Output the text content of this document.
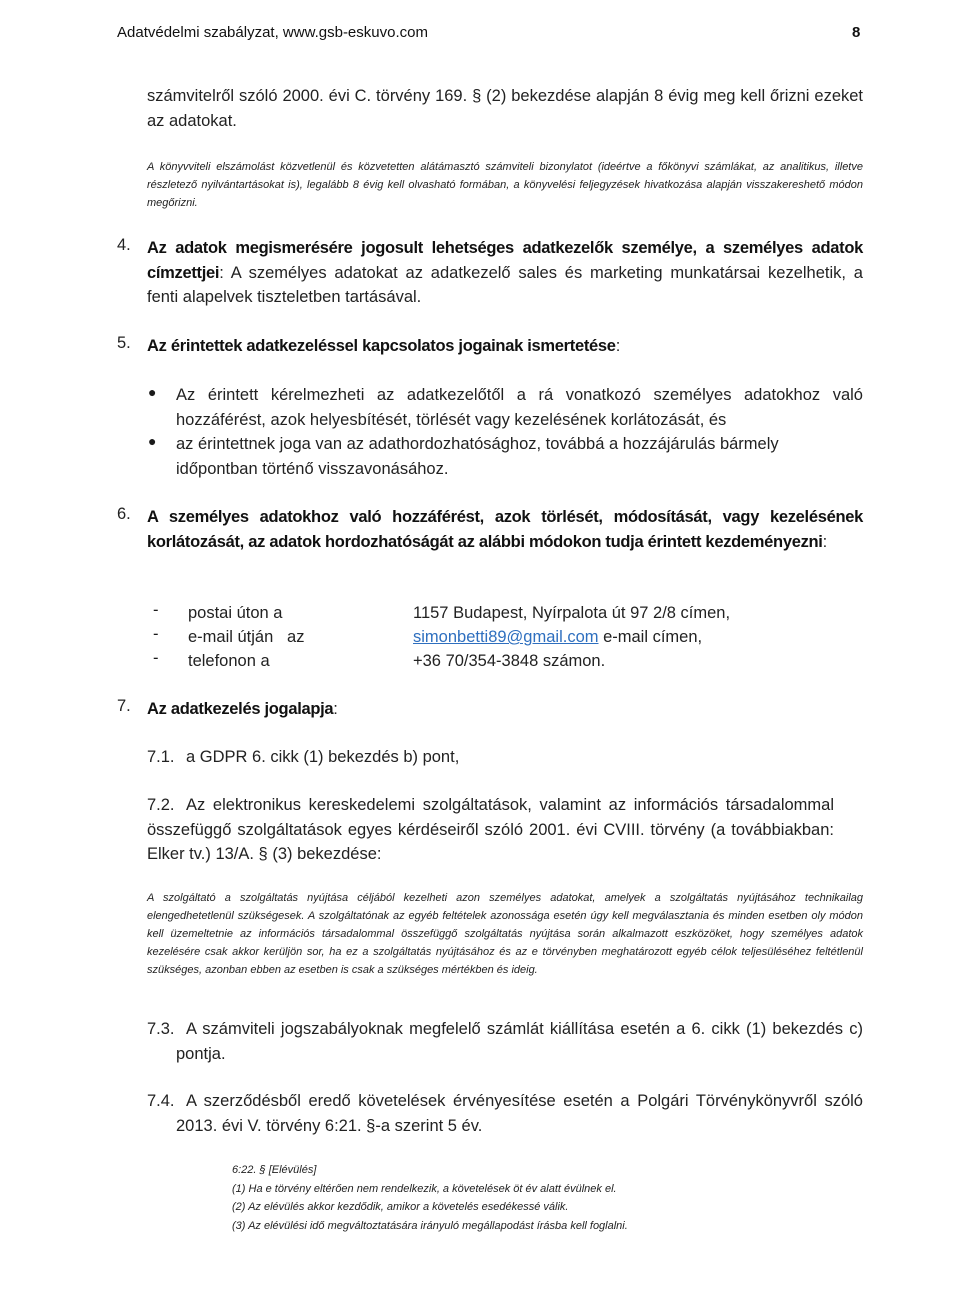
Adatvédelmi szabályzat, www.gsb-eskuvo.com	8
számvitelről szóló 2000. évi C. törvény 169. § (2) bekezdése alapján 8 évig meg kell őrizni ezeket az adatokat.
A könyvviteli elszámolást közvetlenül és közvetetten alátámasztó számviteli bizonylatot (ideértve a főkönyvi számlákat, az analitikus, illetve részletező nyilvántartásokat is), legalább 8 évig kell olvasható formában, a könyvelési feljegyzések hivatkozása alapján visszakereshető módon megőrizni.
4. Az adatok megismerésére jogosult lehetséges adatkezelők személye, a személyes adatok címzettjei: A személyes adatokat az adatkezelő sales és marketing munkatársai kezelhetik, a fenti alapelvek tiszteletben tartásával.
5. Az érintettek adatkezeléssel kapcsolatos jogainak ismertetése:
● Az érintett kérelmezheti az adatkezelőtől a rá vonatkozó személyes adatokhoz való hozzáférést, azok helyesbítését, törlését vagy kezelésének korlátozását, és
● az érintettnek joga van az adathordozhatósághoz, továbbá a hozzájárulás bármely időpontban történő visszavonásához.
6. A személyes adatokhoz való hozzáférést, azok törlését, módosítását, vagy kezelésének korlátozását, az adatok hordozhatóságát az alábbi módokon tudja érintett kezdeményezni:
- postai úton a	1157 Budapest, Nyírpalota út 97 2/8 címen,
- e-mail útján   az	simonbetti89@gmail.com e-mail címen,
- telefonon a	+36 70/354-3848 számon.
7. Az adatkezelés jogalapja:
7.1. a GDPR 6. cikk (1) bekezdés b) pont,
7.2. Az elektronikus kereskedelemi szolgáltatások, valamint az információs társadalommal összefüggő szolgáltatások egyes kérdéseiről szóló 2001. évi CVIII. törvény (a továbbiakban: Elker tv.) 13/A. § (3) bekezdése:
A szolgáltató a szolgáltatás nyújtása céljából kezelheti azon személyes adatokat, amelyek a szolgáltatás nyújtásához technikailag elengedhetetlenül szükségesek. A szolgáltatónak az egyéb feltételek azonossága esetén úgy kell megválasztania és minden esetben oly módon kell üzemeltetnie az információs társadalommal összefüggő szolgáltatás nyújtása során alkalmazott eszközöket, hogy személyes adatok kezelésére csak akkor kerüljön sor, ha ez a szolgáltatás nyújtásához és az e törvényben meghatározott egyéb célok teljesüléséhez feltétlenül szükséges, azonban ebben az esetben is csak a szükséges mértékben és ideig.
7.3. A számviteli jogszabályoknak megfelelő számlát kiállítása esetén a 6. cikk (1) bekezdés c) pontja.
7.4. A szerződésből eredő követelések érvényesítése esetén a Polgári Törvénykönyvről szóló 2013. évi V. törvény 6:21. §-a szerint 5 év.
6:22. § [Elévülés]
(1) Ha e törvény eltérően nem rendelkezik, a követelések öt év alatt évülnek el.
(2) Az elévülés akkor kezdődik, amikor a követelés esedékessé válik.
(3) Az elévülési idő megváltoztatására irányuló megállapodást írásba kell foglalni.
